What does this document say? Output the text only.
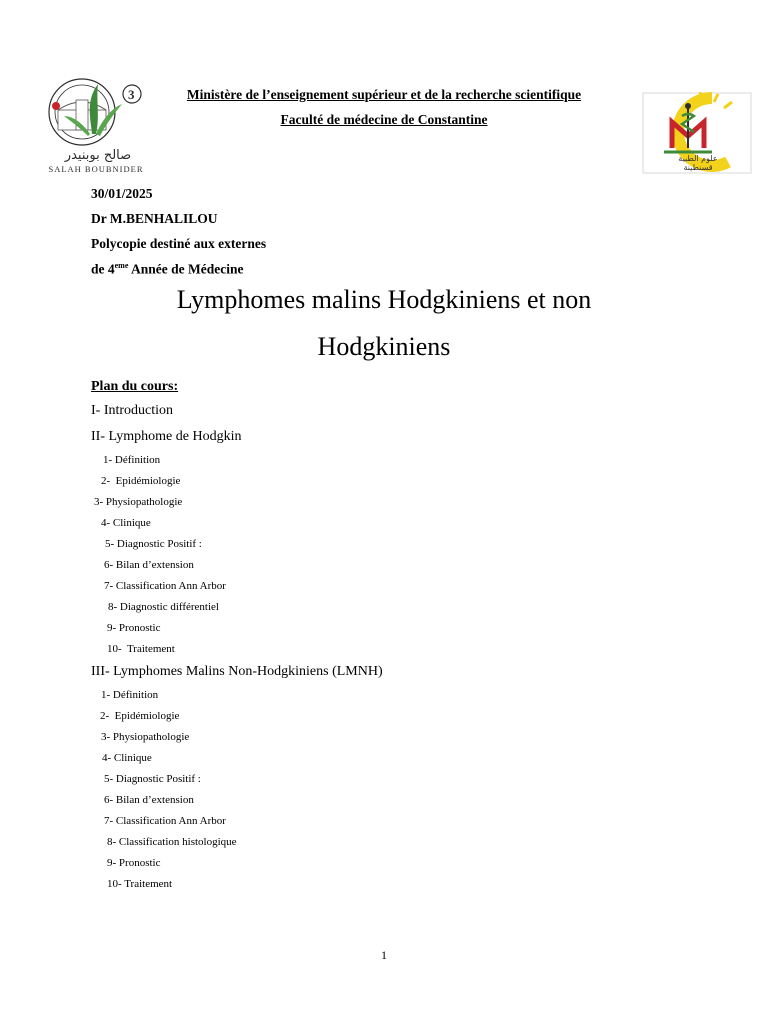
3
صالح بوبنيدر
SALAH BOUBNIDER
علوم الطبية قسنطينة
Ministère de l’enseignement supérieur et de la recherche scientifique
Faculté de médecine de Constantine
30/01/2025
Dr M.BENHALILOU
Polycopie destiné aux externes
de 4eme Année de Médecine
Lymphomes malins Hodgkiniens et non
Hodgkiniens
Plan du cours:
I- Introduction
II- Lymphome de Hodgkin
1- Définition
2-  Epidémiologie
3- Physiopathologie
4- Clinique
5- Diagnostic Positif :
6- Bilan d’extension
7- Classification Ann Arbor
8- Diagnostic différentiel
9- Pronostic
10-  Traitement
III- Lymphomes Malins Non-Hodgkiniens (LMNH)
1- Définition
2-  Epidémiologie
3- Physiopathologie
4- Clinique
5- Diagnostic Positif :
6- Bilan d’extension
7- Classification Ann Arbor
8- Classification histologique
9- Pronostic
10- Traitement
1
